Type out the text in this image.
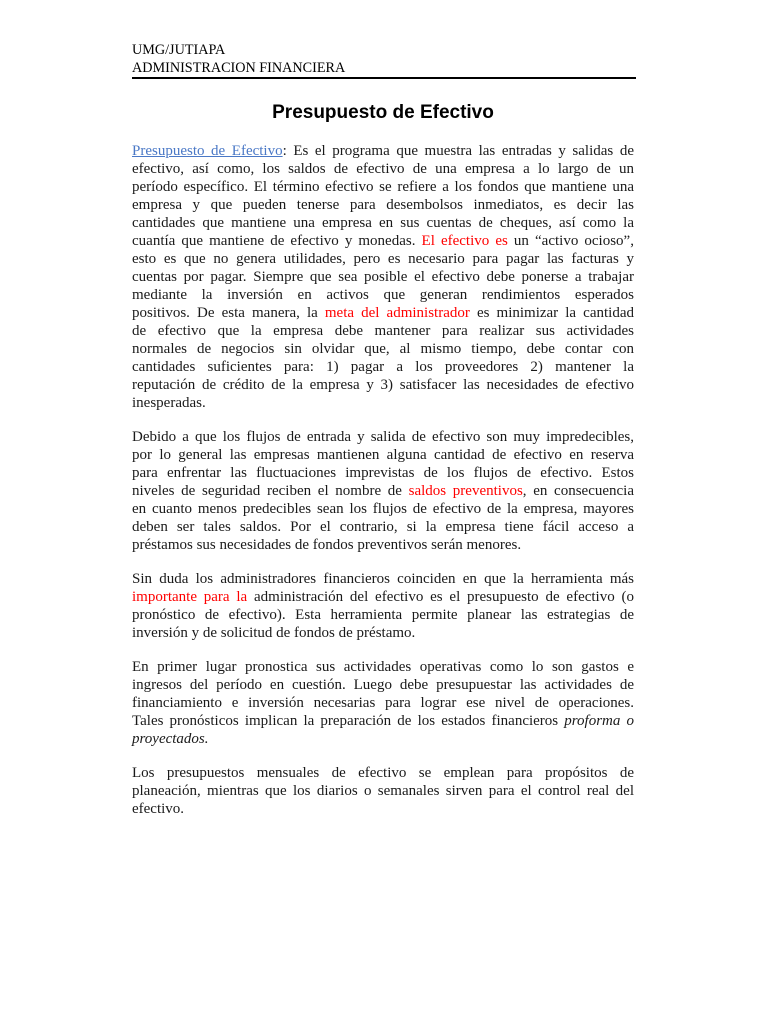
UMG/JUTIAPA
ADMINISTRACION FINANCIERA
Presupuesto de Efectivo
Presupuesto de Efectivo: Es el programa que muestra las entradas y salidas de
efectivo, así como, los saldos de efectivo de una empresa a lo largo de un
período específico. El término efectivo se refiere a los fondos que mantiene una
empresa y que pueden tenerse para desembolsos inmediatos, es decir las
cantidades que mantiene una empresa en sus cuentas de cheques, así como la
cuantía que mantiene de efectivo y monedas. El efectivo es un “activo ocioso”,
esto es que no genera utilidades, pero es necesario para pagar las facturas y
cuentas por pagar. Siempre que sea posible el efectivo debe ponerse a trabajar
mediante la inversión en activos que generan rendimientos esperados
positivos. De esta manera, la meta del administrador es minimizar la cantidad
de efectivo que la empresa debe mantener para realizar sus actividades
normales de negocios sin olvidar que, al mismo tiempo, debe contar con
cantidades suficientes para: 1) pagar a los proveedores 2) mantener la
reputación de crédito de la empresa y 3) satisfacer las necesidades de efectivo
inesperadas.
Debido a que los flujos de entrada y salida de efectivo son muy impredecibles,
por lo general las empresas mantienen alguna cantidad de efectivo en reserva
para enfrentar las fluctuaciones imprevistas de los flujos de efectivo. Estos
niveles de seguridad reciben el nombre de saldos preventivos, en consecuencia
en cuanto menos predecibles sean los flujos de efectivo de la empresa, mayores
deben ser tales saldos. Por el contrario, si la empresa tiene fácil acceso a
préstamos sus necesidades de fondos preventivos serán menores.
Sin duda los administradores financieros coinciden en que la herramienta más
importante para la administración del efectivo es el presupuesto de efectivo (o
pronóstico de efectivo). Esta herramienta permite planear las estrategias de
inversión y de solicitud de fondos de préstamo.
En primer lugar pronostica sus actividades operativas como lo son gastos e
ingresos del período en cuestión. Luego debe presupuestar las actividades de
financiamiento e inversión necesarias para lograr ese nivel de operaciones.
Tales pronósticos implican la preparación de los estados financieros proforma o
proyectados.
Los presupuestos mensuales de efectivo se emplean para propósitos de
planeación, mientras que los diarios o semanales sirven para el control real del
efectivo.
